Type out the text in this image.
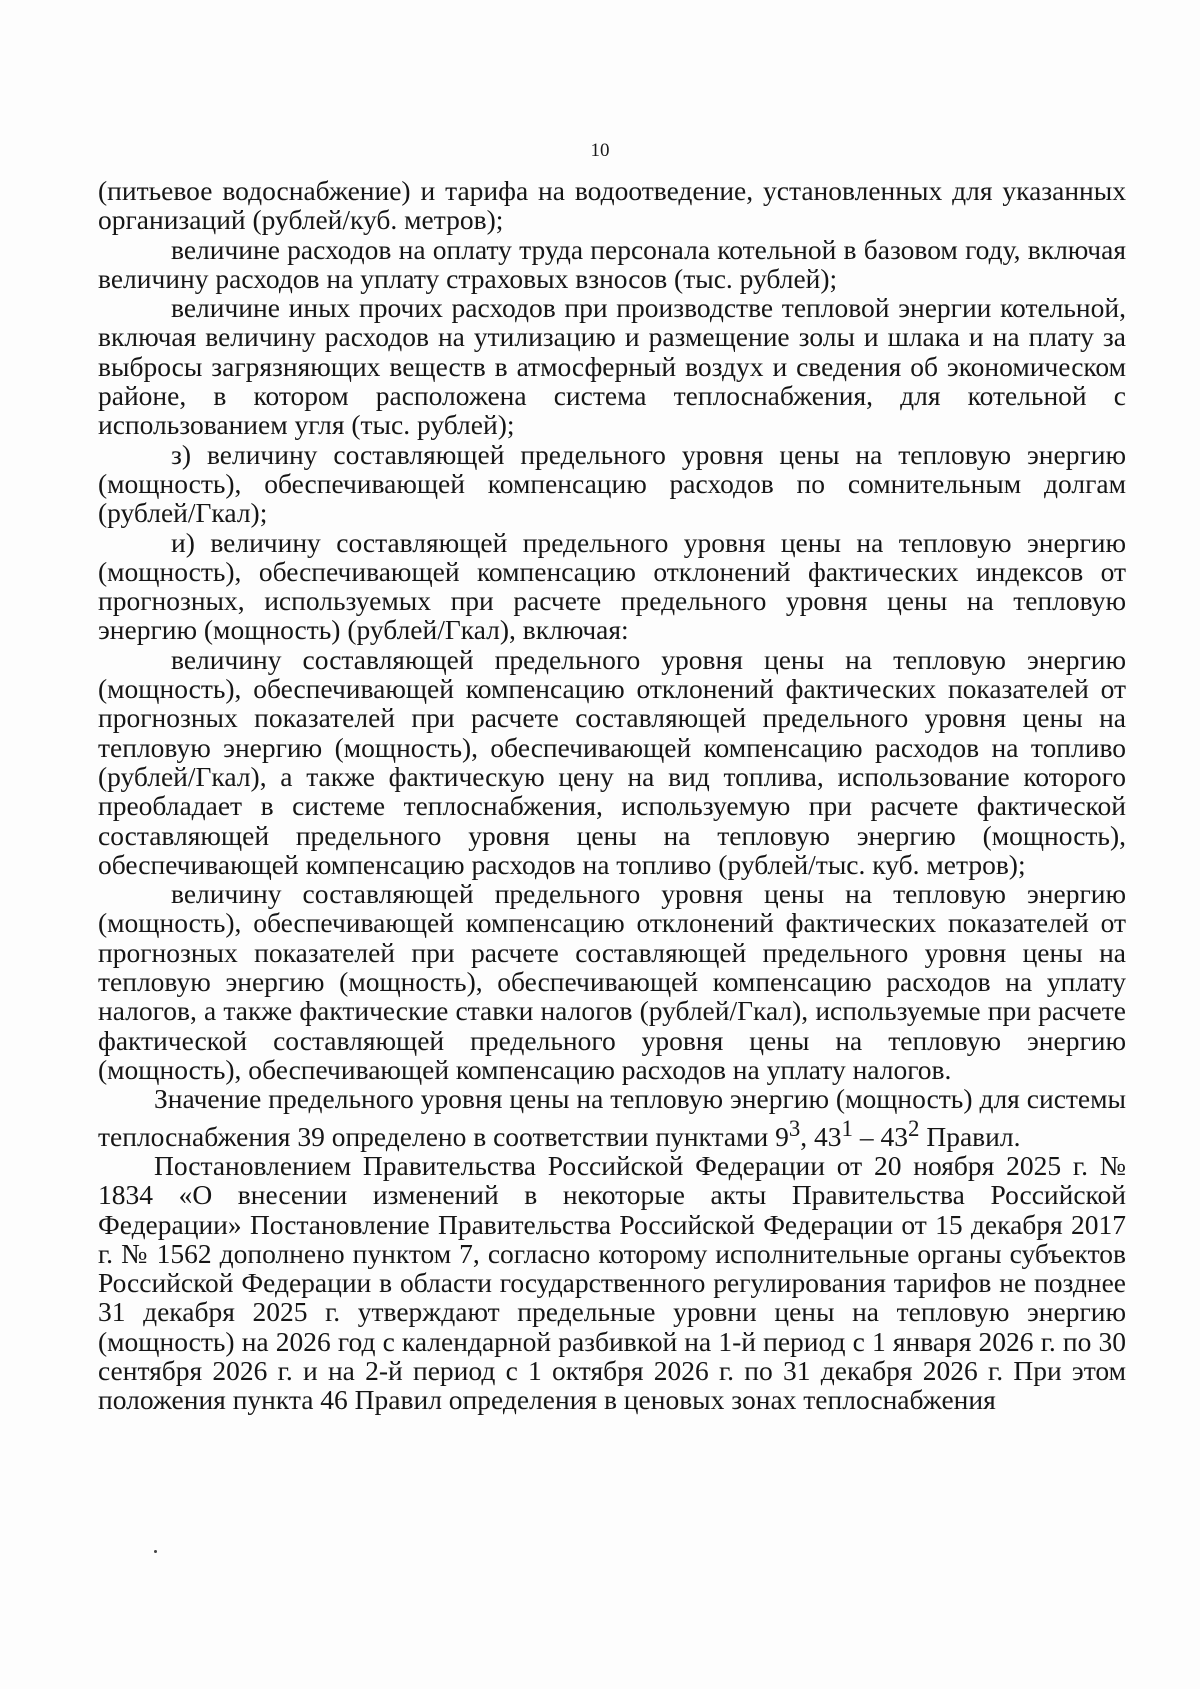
10

(питьевое водоснабжение) и тарифа на водоотведение, установленных для указанных организаций (рублей/куб. метров);

величине расходов на оплату труда персонала котельной в базовом году, включая величину расходов на уплату страховых взносов (тыс. рублей);

величине иных прочих расходов при производстве тепловой энергии котельной, включая величину расходов на утилизацию и размещение золы и шлака и на плату за выбросы загрязняющих веществ в атмосферный воздух и сведения об экономическом районе, в котором расположена система теплоснабжения, для котельной с использованием угля (тыс. рублей);

з) величину составляющей предельного уровня цены на тепловую энергию (мощность), обеспечивающей компенсацию расходов по сомнительным долгам (рублей/Гкал);

и) величину составляющей предельного уровня цены на тепловую энергию (мощность), обеспечивающей компенсацию отклонений фактических индексов от прогнозных, используемых при расчете предельного уровня цены на тепловую энергию (мощность) (рублей/Гкал), включая:

величину составляющей предельного уровня цены на тепловую энергию (мощность), обеспечивающей компенсацию отклонений фактических показателей от прогнозных показателей при расчете составляющей предельного уровня цены на тепловую энергию (мощность), обеспечивающей компенсацию расходов на топливо (рублей/Гкал), а также фактическую цену на вид топлива, использование которого преобладает в системе теплоснабжения, используемую при расчете фактической составляющей предельного уровня цены на тепловую энергию (мощность), обеспечивающей компенсацию расходов на топливо (рублей/тыс. куб. метров);

величину составляющей предельного уровня цены на тепловую энергию (мощность), обеспечивающей компенсацию отклонений фактических показателей от прогнозных показателей при расчете составляющей предельного уровня цены на тепловую энергию (мощность), обеспечивающей компенсацию расходов на уплату налогов, а также фактические ставки налогов (рублей/Гкал), используемые при расчете фактической составляющей предельного уровня цены на тепловую энергию (мощность), обеспечивающей компенсацию расходов на уплату налогов.

Значение предельного уровня цены на тепловую энергию (мощность) для системы теплоснабжения 39 определено в соответствии пунктами $9^3$, $43^1 - 43^2$ Правил.

Постановлением Правительства Российской Федерации от 20 ноября 2025 г. № 1834 «О внесении изменений в некоторые акты Правительства Российской Федерации» Постановление Правительства Российской Федерации от 15 декабря 2017 г. № 1562 дополнено пунктом 7, согласно которому исполнительные органы субъектов Российской Федерации в области государственного регулирования тарифов не позднее 31 декабря 2025 г. утверждают предельные уровни цены на тепловую энергию (мощность) на 2026 год с календарной разбивкой на 1-й период с 1 января 2026 г. по 30 сентября 2026 г. и на 2-й период с 1 октября 2026 г. по 31 декабря 2026 г. При этом положения пункта 46 Правил определения в ценовых зонах теплоснабжения
